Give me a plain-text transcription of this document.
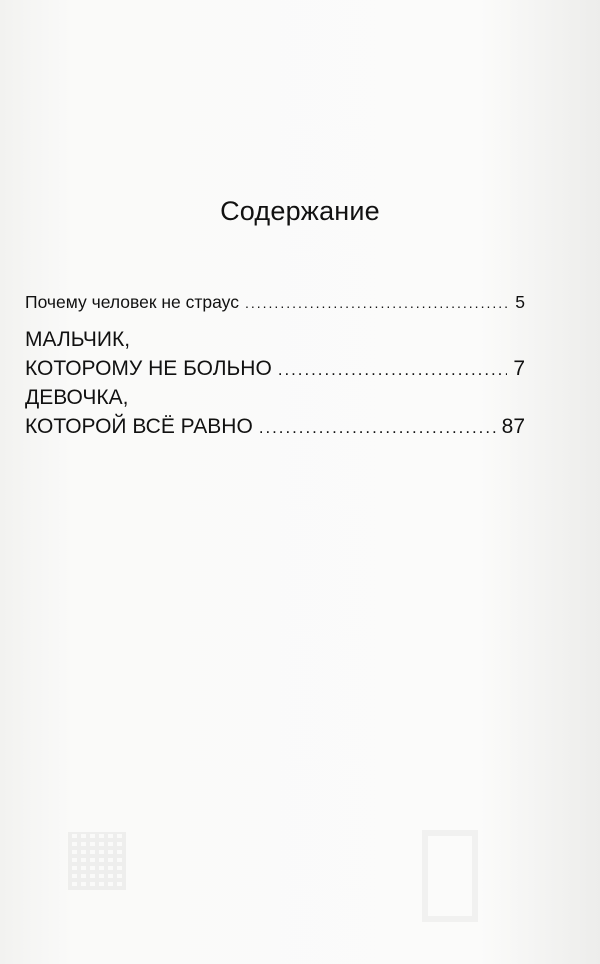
Содержание
Почему человек не страус .....	5
МАЛЬЧИК,
КОТОРОМУ НЕ БОЛЬНО .....	7
ДЕВОЧКА,
КОТОРОЙ ВСЁ РАВНО .....	87
